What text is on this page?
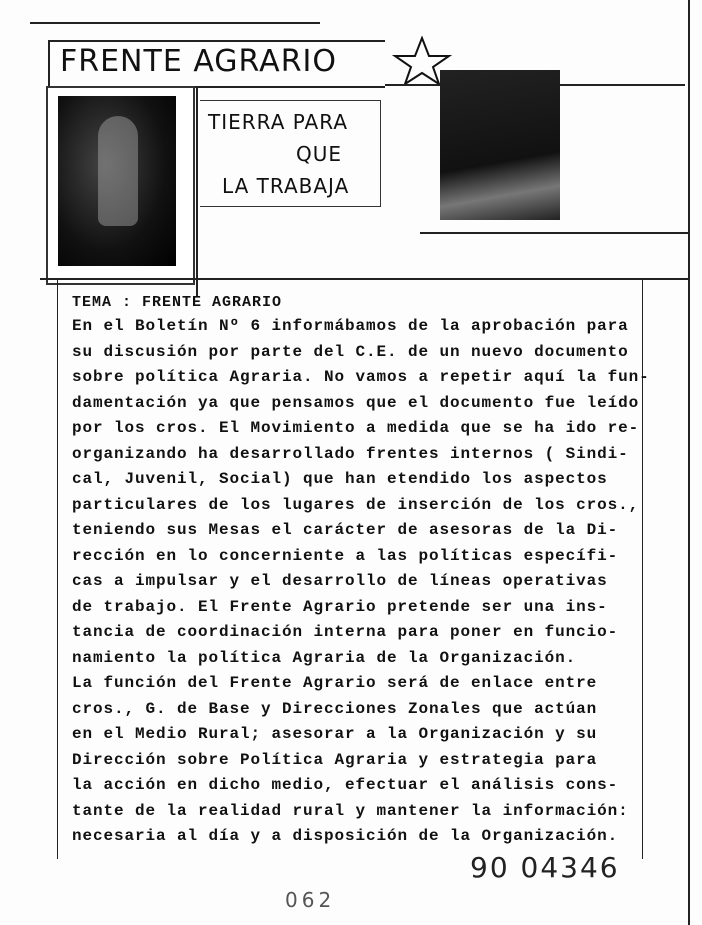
FRENTE AGRARIO
TIERRA PARA
QUE
LA TRABAJA
TEMA : FRENTE AGRARIO
En el Boletín Nº 6 informábamos de la aprobación para
su discusión por parte del C.E. de un nuevo documento
sobre política Agraria. No vamos a repetir aquí la fun-
damentación ya que pensamos que el documento fue leído
por los cros. El Movimiento a medida que se ha ido re-
organizando ha desarrollado frentes internos ( Sindi-
cal, Juvenil, Social) que han etendido los aspectos
particulares de los lugares de inserción de los cros.,
teniendo sus Mesas el carácter de asesoras de la Di-
rección en lo concerniente a las políticas específi-
cas a impulsar y el desarrollo de líneas operativas
de trabajo. El Frente Agrario pretende ser una ins-
tancia de coordinación interna para poner en funcio-
namiento la política Agraria de la Organización.
La función del Frente Agrario será de enlace entre
cros., G. de Base y Direcciones Zonales que actúan
en el Medio Rural; asesorar a la Organización y su
Dirección sobre Política Agraria y estrategia para
la acción en dicho medio, efectuar el análisis cons-
tante de la realidad rural y mantener la información:
necesaria al día y a disposición de la Organización.
90 04346
062
